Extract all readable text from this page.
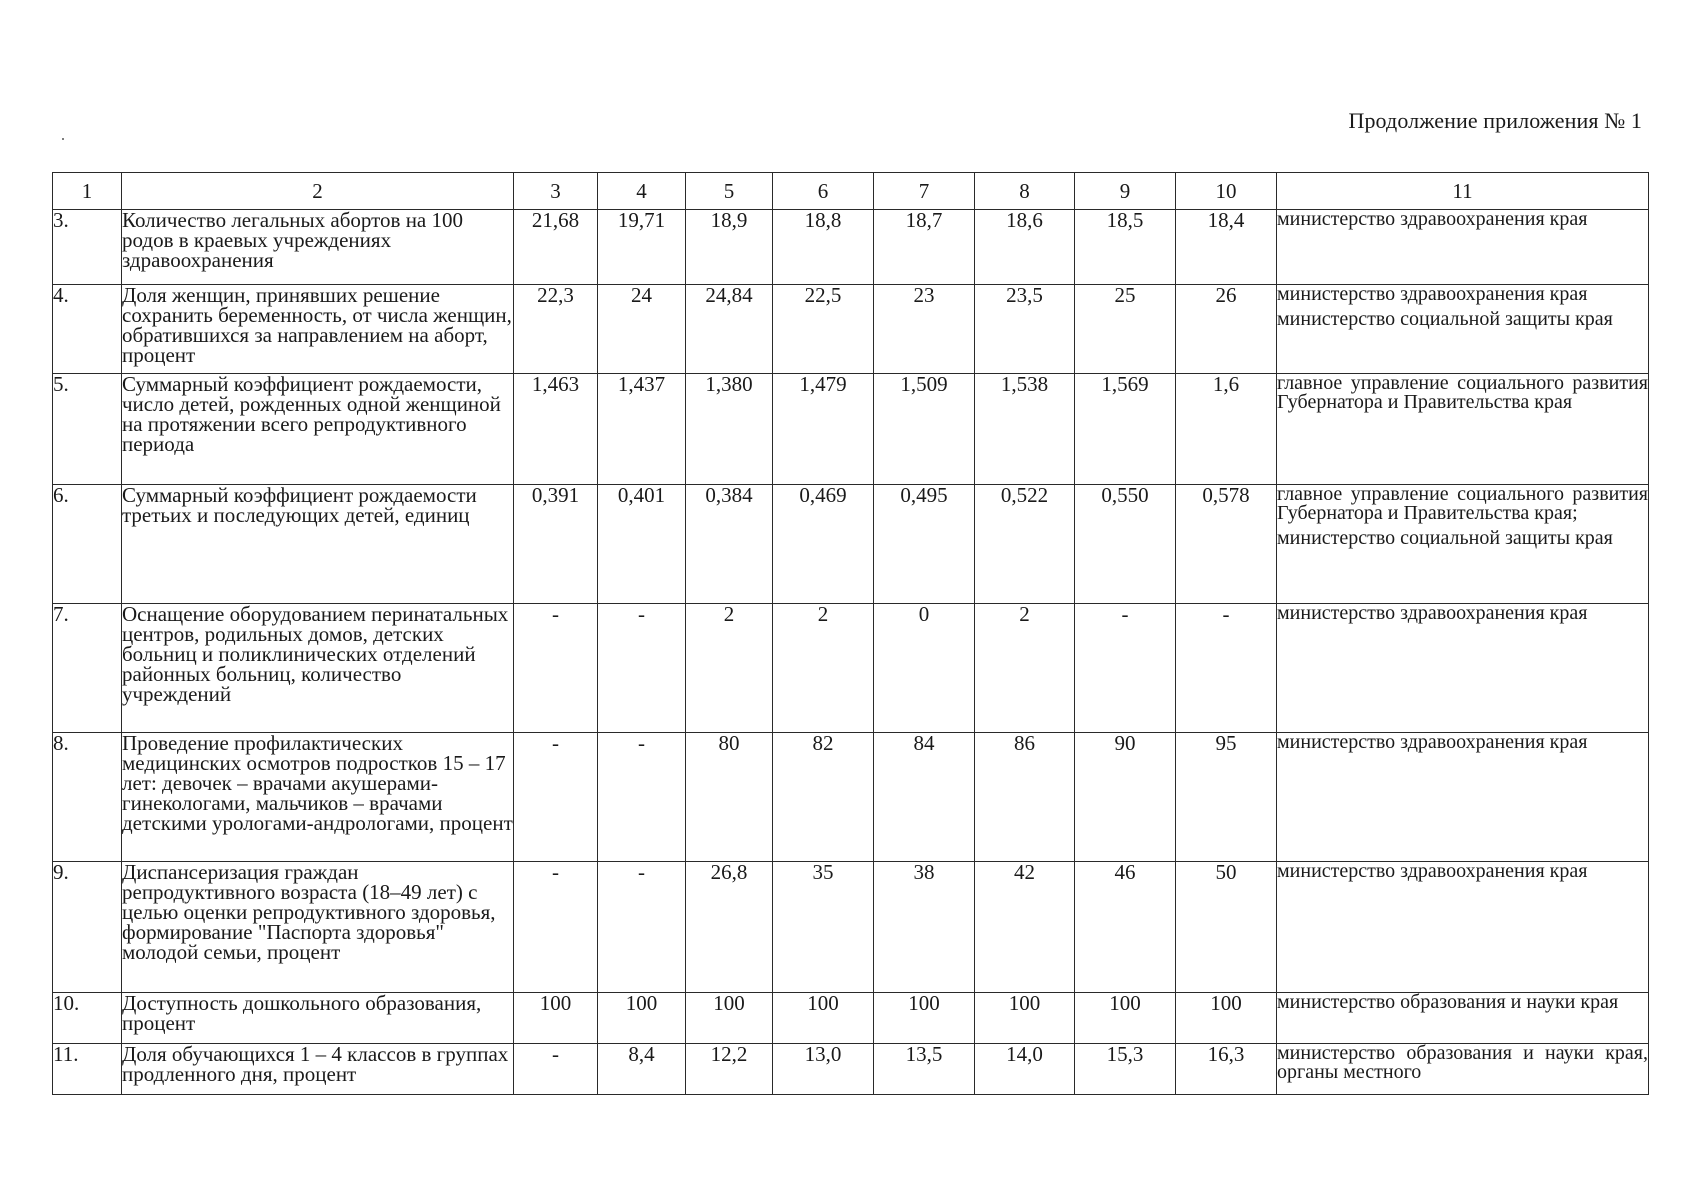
Продолжение приложения № 1
1	2	3	4	5	6	7	8	9	10	11
3.	Количество легальных абортов на 100 родов в краевых учреждениях здравоохранения	21,68	19,71	18,9	18,8	18,7	18,6	18,5	18,4	министерство здравоохранения края

4.	Доля женщин, принявших решение сохранить беременность, от числа женщин, обратившихся за направлением на аборт, процент	22,3	24	24,84	22,5	23	23,5	25	26	министерство здравоохранения края
министерство социальной защиты края

5.	Суммарный коэффициент рождаемости, число детей, рожденных одной женщиной на протяжении всего репродуктивного периода	1,463	1,437	1,380	1,479	1,509	1,538	1,569	1,6	главное управление социального развития Губернатора и Правительства края

6.	Суммарный коэффициент рождаемости третьих и последующих детей, единиц	0,391	0,401	0,384	0,469	0,495	0,522	0,550	0,578	главное управление социального развития Губернатора и Правительства края;
министерство социальной защиты края

7.	Оснащение оборудованием перинатальных центров, родильных домов, детских больниц и поликлинических отделений районных больниц, количество учреждений	-	-	2	2	0	2	-	-	министерство здравоохранения края

8.	Проведение профилактических медицинских осмотров подростков 15 – 17 лет: девочек – врачами акушерами-гинекологами, мальчиков – врачами детскими урологами-андрологами, процент	-	-	80	82	84	86	90	95	министерство здравоохранения края

9.	Диспансеризация граждан репродуктивного возраста (18–49 лет) с целью оценки репродуктивного здоровья, формирование "Паспорта здоровья" молодой семьи, процент	-	-	26,8	35	38	42	46	50	министерство здравоохранения края

10.	Доступность дошкольного образования, процент	100	100	100	100	100	100	100	100	министерство образования и науки края

11.	Доля обучающихся 1 – 4 классов в группах продленного дня, процент	-	8,4	12,2	13,0	13,5	14,0	15,3	16,3	министерство образования и науки края, органы местного
